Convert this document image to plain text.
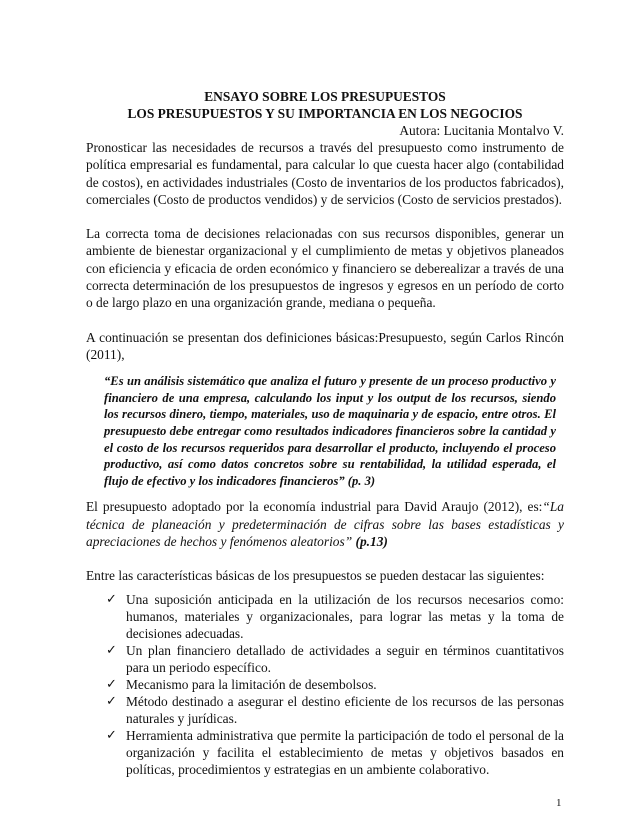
ENSAYO SOBRE LOS PRESUPUESTOS
LOS PRESUPUESTOS Y SU IMPORTANCIA EN LOS NEGOCIOS
Autora: Lucitania Montalvo V.

Pronosticar las necesidades de recursos a través del presupuesto como instrumento de política empresarial es fundamental, para calcular lo que cuesta hacer algo (contabilidad de costos), en actividades industriales (Costo de inventarios de los productos fabricados), comerciales (Costo de productos vendidos) y de servicios (Costo de servicios prestados).

La correcta toma de decisiones relacionadas con sus recursos disponibles, generar un ambiente de bienestar organizacional y el cumplimiento de metas y objetivos planeados con eficiencia y eficacia de orden económico y financiero se deberealizar a través de una correcta determinación de los presupuestos de ingresos y egresos en un período de corto o de largo plazo en una organización grande, mediana o pequeña.

A continuación se presentan dos definiciones básicas:Presupuesto, según Carlos Rincón (2011),

“Es un análisis sistemático que analiza el futuro y presente de un proceso productivo y financiero de una empresa, calculando los input y los output de los recursos, siendo los recursos dinero, tiempo, materiales, uso de maquinaria y de espacio, entre otros. El presupuesto debe entregar como resultados indicadores financieros sobre la cantidad y el costo de los recursos requeridos para desarrollar el producto, incluyendo el proceso productivo, así como datos concretos sobre su rentabilidad, la utilidad esperada, el flujo de efectivo y los indicadores financieros” (p. 3)

El presupuesto adoptado por la economía industrial para David Araujo (2012), es:“La técnica de planeación y predeterminación de cifras sobre las bases estadísticas y apreciaciones de hechos y fenómenos aleatorios” (p.13)

Entre las características básicas de los presupuestos se pueden destacar las siguientes:

✓ Una suposición anticipada en la utilización de los recursos necesarios como: humanos, materiales y organizacionales, para lograr las metas y la toma de decisiones adecuadas.
✓ Un plan financiero detallado de actividades a seguir en términos cuantitativos para un periodo específico.
✓ Mecanismo para la limitación de desembolsos.
✓ Método destinado a asegurar el destino eficiente de los recursos de las personas naturales y jurídicas.
✓ Herramienta administrativa que permite la participación de todo el personal de la organización y facilita el establecimiento de metas y objetivos basados en políticas, procedimientos y estrategias en un ambiente colaborativo.
1
